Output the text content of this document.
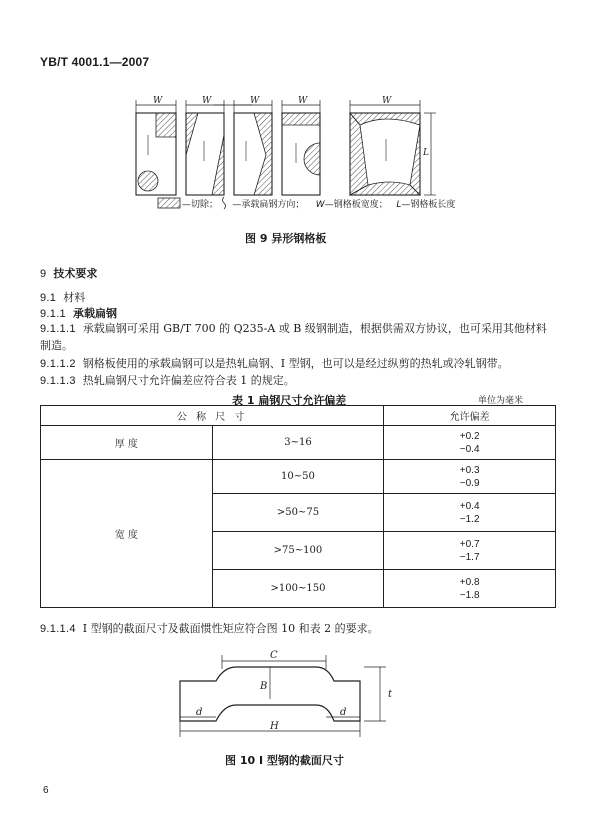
YB/T 4001.1—2007
W	W	W	W	W
L
—切除； —承载扁钢方向； W—钢格板宽度； L—钢格板长度
图 9 异形钢格板
9 技术要求
9.1 材料
9.1.1 承载扁钢
9.1.1.1 承载扁钢可采用 GB/T 700 的 Q235-A 或 B 级钢制造，根据供需双方协议，也可采用其他材料
制造。
9.1.1.2 钢格板使用的承载扁钢可以是热轧扁钢、I 型钢，也可以是经过纵剪的热轧或冷轧钢带。
9.1.1.3 热轧扁钢尺寸允许偏差应符合表 1 的规定。
表 1 扁钢尺寸允许偏差	单位为毫米
公 称 尺 寸		允许偏差
厚 度	3~16	+0.2
−0.4

宽 度	10~50	+0.3
−0.9

	>50~75	+0.4
−1.2

	>75~100	+0.7
−1.7

	>100~150	+0.8
−1.8
9.1.1.4 I 型钢的截面尺寸及截面惯性矩应符合图 10 和表 2 的要求。
C
B
d	d
H
t
图 10 I 型钢的截面尺寸
6
